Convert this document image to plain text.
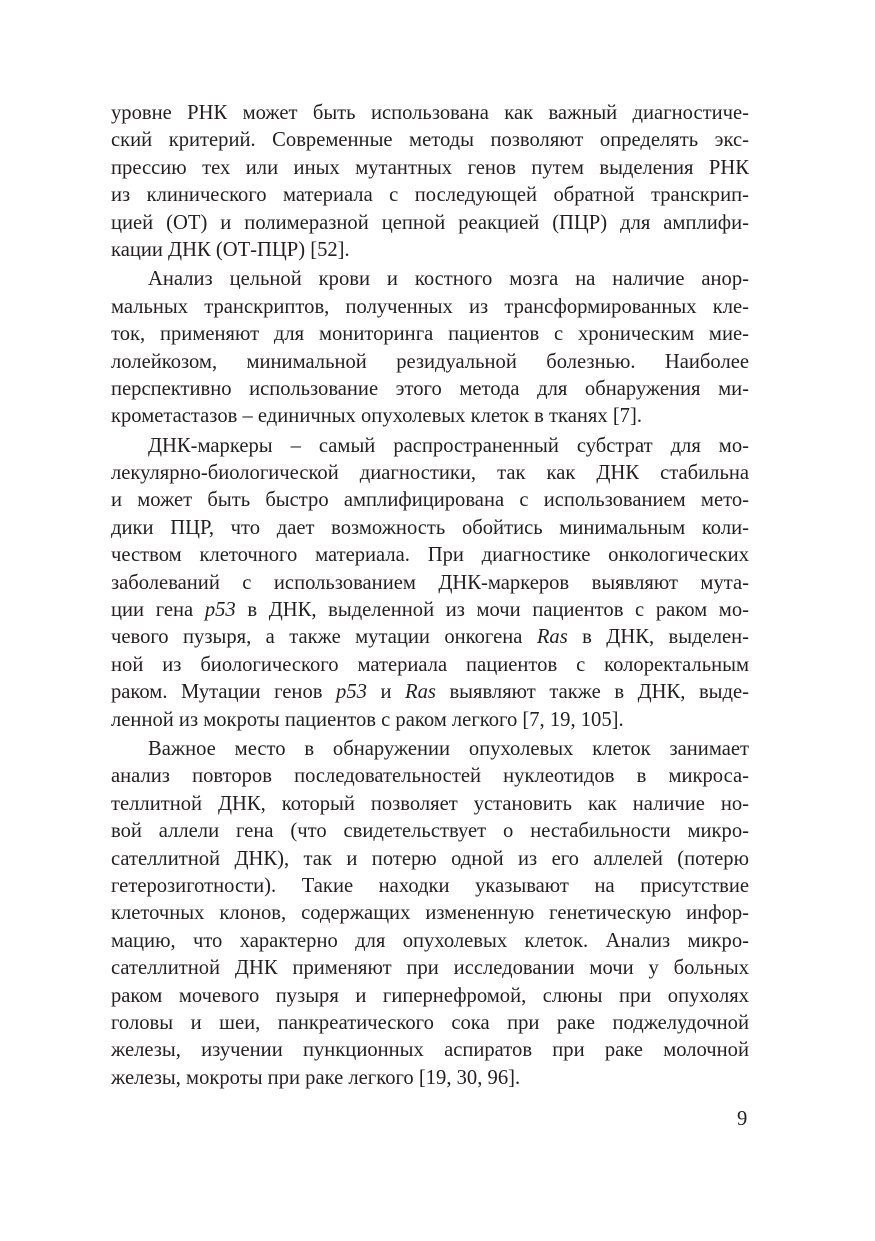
уровне РНК может быть использована как важный диагностиче-
ский критерий. Современные методы позволяют определять экс-
прессию тех или иных мутантных генов путем выделения РНК
из клинического материала с последующей обратной транскрип-
цией (ОТ) и полимеразной цепной реакцией (ПЦР) для амплифи-
кации ДНК (ОТ-ПЦР) [52].
Анализ цельной крови и костного мозга на наличие анор-
мальных транскриптов, полученных из трансформированных кле-
ток, применяют для мониторинга пациентов с хроническим мие-
лолейкозом, минимальной резидуальной болезнью. Наиболее
перспективно использование этого метода для обнаружения ми-
крометастазов – единичных опухолевых клеток в тканях [7].
ДНК-маркеры – самый распространенный субстрат для мо-
лекулярно-биологической диагностики, так как ДНК стабильна
и может быть быстро амплифицирована с использованием мето-
дики ПЦР, что дает возможность обойтись минимальным коли-
чеством клеточного материала. При диагностике онкологических
заболеваний с использованием ДНК-маркеров выявляют мута-
ции гена p53 в ДНК, выделенной из мочи пациентов с раком мо-
чевого пузыря, а также мутации онкогена Ras в ДНК, выделен-
ной из биологического материала пациентов с колоректальным
раком. Мутации генов p53 и Ras выявляют также в ДНК, выде-
ленной из мокроты пациентов с раком легкого [7, 19, 105].
Важное место в обнаружении опухолевых клеток занимает
анализ повторов последовательностей нуклеотидов в микроса-
теллитной ДНК, который позволяет установить как наличие но-
вой аллели гена (что свидетельствует о нестабильности микро-
сателлитной ДНК), так и потерю одной из его аллелей (потерю
гетерозиготности). Такие находки указывают на присутствие
клеточных клонов, содержащих измененную генетическую инфор-
мацию, что характерно для опухолевых клеток. Анализ микро-
сателлитной ДНК применяют при исследовании мочи у больных
раком мочевого пузыря и гипернефромой, слюны при опухолях
головы и шеи, панкреатического сока при раке поджелудочной
железы, изучении пункционных аспиратов при раке молочной
железы, мокроты при раке легкого [19, 30, 96].
9
